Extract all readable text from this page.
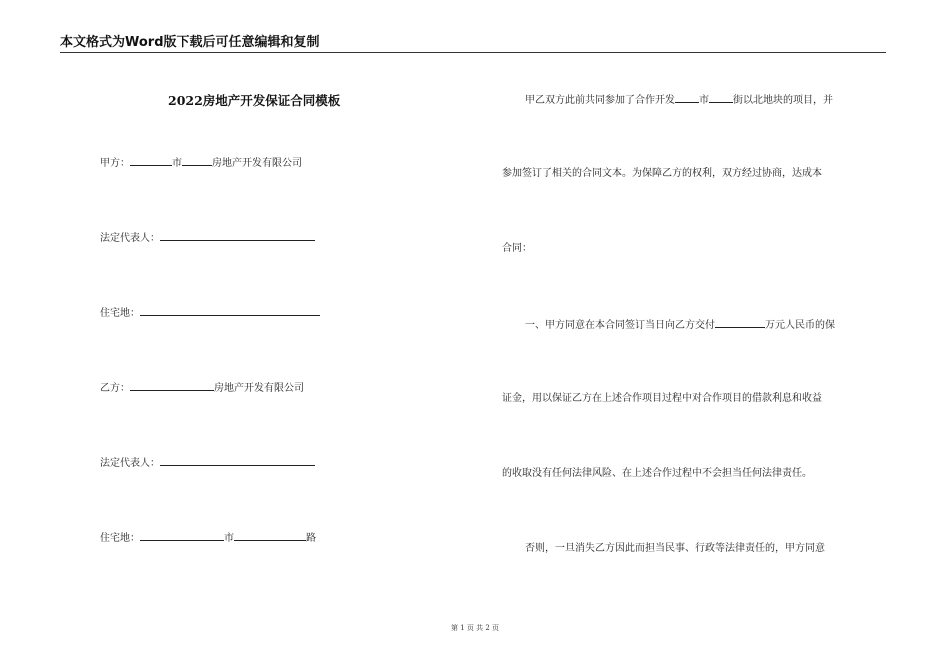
本文格式为Word版下载后可任意编辑和复制
2022房地产开发保证合同模板
甲方：	市	房地产开发有限公司
法定代表人：
住宅地：
乙方：	房地产开发有限公司
法定代表人：
住宅地：	市	路
甲乙双方此前共同参加了合作开发 市 街以北地块的项目，并
参加签订了相关的合同文本。为保障乙方的权利，双方经过协商，达成本
合同：
一、甲方同意在本合同签订当日向乙方交付	万元人民币的保
证金，用以保证乙方在上述合作项目过程中对合作项目的借款利息和收益
的收取没有任何法律风险、在上述合作过程中不会担当任何法律责任。
否则，一旦消失乙方因此而担当民事、行政等法律责任的，甲方同意
第 1 页 共 2 页
